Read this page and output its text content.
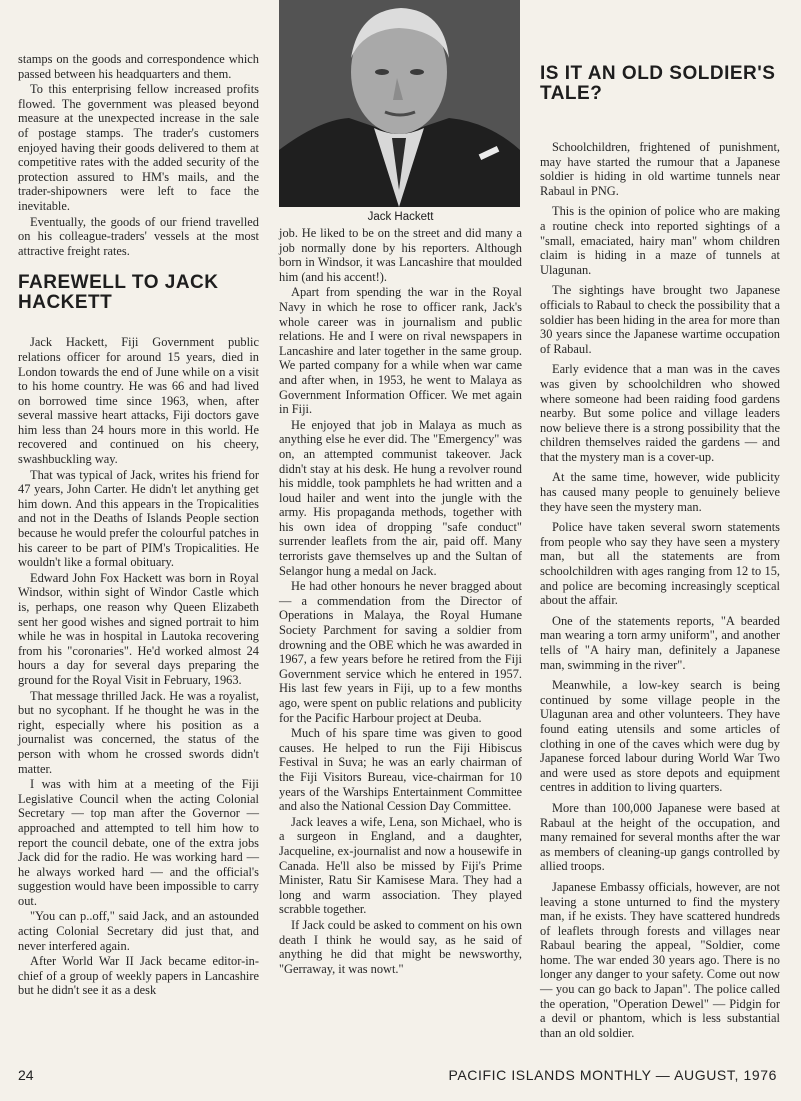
stamps on the goods and correspondence which passed between his headquarters and them.

To this enterprising fellow increased profits flowed. The government was pleased beyond measure at the unexpected increase in the sale of postage stamps. The trader's customers enjoyed having their goods delivered to them at competitive rates with the added security of the protection assured to HM's mails, and the trader-shipowners were left to face the inevitable.

Eventually, the goods of our friend travelled on his colleague-traders' vessels at the most attractive freight rates.

FAREWELL TO JACK HACKETT

Jack Hackett, Fiji Government public relations officer for around 15 years, died in London towards the end of June while on a visit to his home country. He was 66 and had lived on borrowed time since 1963, when, after several massive heart attacks, Fiji doctors gave him less than 24 hours more in this world. He recovered and continued on his cheery, swashbuckling way.

That was typical of Jack, writes his friend for 47 years, John Carter. He didn't let anything get him down. And this appears in the Tropicalities and not in the Deaths of Islands People section because he would prefer the colourful patches in his career to be part of PIM's Tropicalities. He wouldn't like a formal obituary.

Edward John Fox Hackett was born in Royal Windsor, within sight of Windor Castle which is, perhaps, one reason why Queen Elizabeth sent her good wishes and signed portrait to him while he was in hospital in Lautoka recovering from his "coronaries". He'd worked almost 24 hours a day for several days preparing the ground for the Royal Visit in February, 1963.

That message thrilled Jack. He was a royalist, but no sycophant. If he thought he was in the right, especially where his position as a journalist was concerned, the status of the person with whom he crossed swords didn't matter.

I was with him at a meeting of the Fiji Legislative Council when the acting Colonial Secretary — top man after the Governor — approached and attempted to tell him how to report the council debate, one of the extra jobs Jack did for the radio. He was working hard — he always worked hard — and the official's suggestion would have been impossible to carry out.

"You can p..off," said Jack, and an astounded acting Colonial Secretary did just that, and never interfered again.

After World War II Jack became editor-in-chief of a group of weekly papers in Lancashire but he didn't see it as a desk

Jack Hackett

job. He liked to be on the street and did many a job normally done by his reporters. Although born in Windsor, it was Lancashire that moulded him (and his accent!).

Apart from spending the war in the Royal Navy in which he rose to officer rank, Jack's whole career was in journalism and public relations. He and I were on rival newspapers in Lancashire and later together in the same group. We parted company for a while when war came and after when, in 1953, he went to Malaya as Government Information Officer. We met again in Fiji.

He enjoyed that job in Malaya as much as anything else he ever did. The "Emergency" was on, an attempted communist takeover. Jack didn't stay at his desk. He hung a revolver round his middle, took pamphlets he had written and a loud hailer and went into the jungle with the army. His propaganda methods, together with his own idea of dropping "safe conduct" surrender leaflets from the air, paid off. Many terrorists gave themselves up and the Sultan of Selangor hung a medal on Jack.

He had other honours he never bragged about — a commendation from the Director of Operations in Malaya, the Royal Humane Society Parchment for saving a soldier from drowning and the OBE which he was awarded in 1967, a few years before he retired from the Fiji Government service which he entered in 1957. His last few years in Fiji, up to a few months ago, were spent on public relations and publicity for the Pacific Harbour project at Deuba.

Much of his spare time was given to good causes. He helped to run the Fiji Hibiscus Festival in Suva; he was an early chairman of the Fiji Visitors Bureau, vice-chairman for 10 years of the Warships Entertainment Committee and also the National Cession Day Committee.

Jack leaves a wife, Lena, son Michael, who is a surgeon in England, and a daughter, Jacqueline, ex-journalist and now a housewife in Canada. He'll also be missed by Fiji's Prime Minister, Ratu Sir Kamisese Mara. They had a long and warm association. They played scrabble together.

If Jack could be asked to comment on his own death I think he would say, as he said of anything he did that might be newsworthy, "Gerraway, it was nowt."

IS IT AN OLD SOLDIER'S TALE?

Schoolchildren, frightened of punishment, may have started the rumour that a Japanese soldier is hiding in old wartime tunnels near Rabaul in PNG.

This is the opinion of police who are making a routine check into reported sightings of a "small, emaciated, hairy man" whom children claim is hiding in a maze of tunnels at Ulagunan.

The sightings have brought two Japanese officials to Rabaul to check the possibility that a soldier has been hiding in the area for more than 30 years since the Japanese wartime occupation of Rabaul.

Early evidence that a man was in the caves was given by schoolchildren who showed where someone had been raiding food gardens nearby. But some police and village leaders now believe there is a strong possibility that the children themselves raided the gardens — and that the mystery man is a cover-up.

At the same time, however, wide publicity has caused many people to genuinely believe they have seen the mystery man.

Police have taken several sworn statements from people who say they have seen a mystery man, but all the statements are from schoolchildren with ages ranging from 12 to 15, and police are becoming increasingly sceptical about the affair.

One of the statements reports, "A bearded man wearing a torn army uniform", and another tells of "A hairy man, definitely a Japanese man, swimming in the river".

Meanwhile, a low-key search is being continued by some village people in the Ulagunan area and other volunteers. They have found eating utensils and some articles of clothing in one of the caves which were dug by Japanese forced labour during World War Two and were used as store depots and equipment centres in addition to living quarters.

More than 100,000 Japanese were based at Rabaul at the height of the occupation, and many remained for several months after the war as members of cleaning-up gangs controlled by allied troops.

Japanese Embassy officials, however, are not leaving a stone unturned to find the mystery man, if he exists. They have scattered hundreds of leaflets through forests and villages near Rabaul bearing the appeal, "Soldier, come home. The war ended 30 years ago. There is no longer any danger to your safety. Come out now — you can go back to Japan". The police called the operation, "Operation Dewel" — Pidgin for a devil or phantom, which is less substantial than an old soldier.

24	PACIFIC ISLANDS MONTHLY — AUGUST, 1976
